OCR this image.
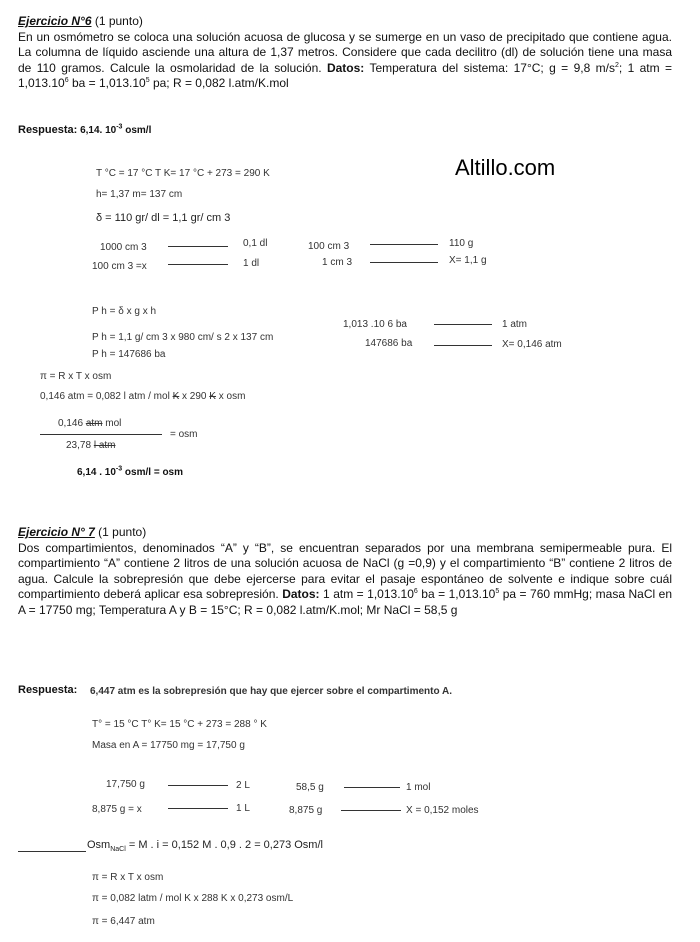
Ejercicio N°6 (1 punto)
En un osmómetro se coloca una solución acuosa de glucosa y se sumerge en un vaso de precipitado que contiene agua. La columna de líquido asciende una altura de 1,37 metros. Considere que cada decilitro (dl) de solución tiene una masa de 110 gramos. Calcule la osmolaridad de la solución. Datos: Temperatura del sistema: 17°C; g = 9,8 $m/s^2$; 1 atm = $1,013.10^6$ ba = $1,013.10^5$ pa; R = 0,082 l.atm/K.mol
Respuesta: 6,14. $10^{-3}$ osm/l
Altillo.com
T °C = 17 °C T K= 17 °C + 273 = 290 K
h= 1,37 m= 137 cm
δ = 110 gr/ dl = 1,1 gr/ cm 3
1000 cm 3	0,1 dl
100 cm 3 =x	1 dl
100 cm 3	110 g
1 cm 3	X= 1,1 g
P h = δ x g x h
P h = 1,1 g/ cm 3 x 980 cm/ s 2 x 137 cm
P h = 147686 ba
1,013 .10 6 ba	1 atm
147686 ba	X= 0,146 atm
π = R x T x osm
0,146 atm = 0,082 l atm / mol K x 290 K x osm
0,146 atm mol
= osm
23,78 l atm
6,14 . $10^{-3}$ osm/l = osm
Ejercicio N° 7 (1 punto)
Dos compartimientos, denominados “A” y “B”, se encuentran separados por una membrana semipermeable pura. El compartimiento “A” contiene 2 litros de una solución acuosa de NaCl (g =0,9) y el compartimiento “B” contiene 2 litros de agua. Calcule la sobrepresión que debe ejercerse para evitar el pasaje espontáneo de solvente e indique sobre cuál compartimiento deberá aplicar esa sobrepresión. Datos: 1 atm = $1,013.10^6$ ba = $1,013.10^5$ pa = 760 mmHg; masa NaCl en A = 17750 mg; Temperatura A y B = 15°C; R = 0,082 l.atm/K.mol; Mr NaCl = 58,5 g
Respuesta: 6,447 atm es la sobrepresión que hay que ejercer sobre el compartimento A.
T° = 15 °C T° K= 15 °C + 273 = 288 ° K
Masa en A = 17750 mg = 17,750 g
17,750 g	2 L
8,875 g = x	1 L
58,5 g	1 mol
8,875 g	X = 0,152 moles
Osm$_{NaCl}$ = M . i = 0,152 M . 0,9 . 2 = 0,273 Osm/l
π = R x T x osm
π = 0,082 latm / mol K x 288 K x 0,273 osm/L
π = 6,447 atm
